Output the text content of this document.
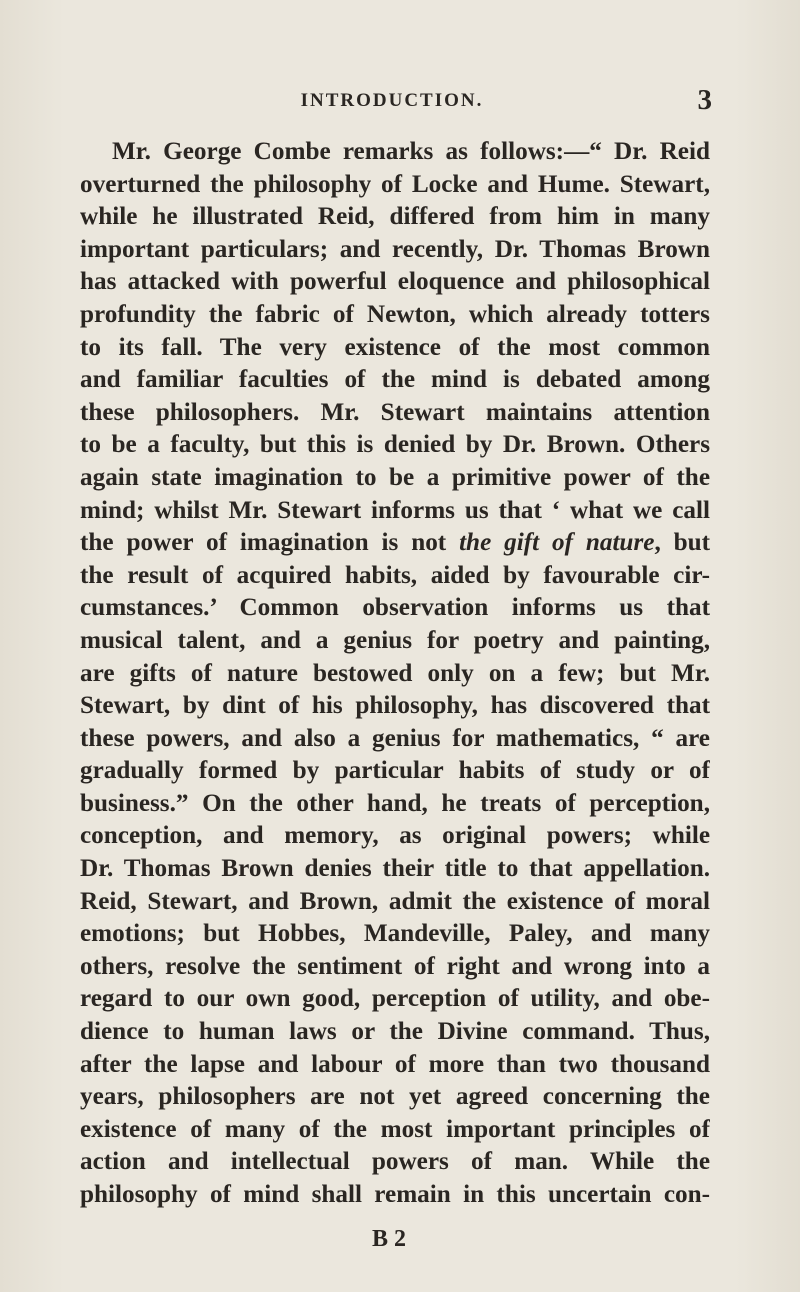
INTRODUCTION.	3
Mr. George Combe remarks as follows:—“ Dr. Reid
overturned the philosophy of Locke and Hume. Stewart,
while he illustrated Reid, differed from him in many
important particulars; and recently, Dr. Thomas Brown
has attacked with powerful eloquence and philosophical
profundity the fabric of Newton, which already totters
to its fall. The very existence of the most common
and familiar faculties of the mind is debated among
these philosophers. Mr. Stewart maintains attention
to be a faculty, but this is denied by Dr. Brown. Others
again state imagination to be a primitive power of the
mind; whilst Mr. Stewart informs us that ‘ what we call
the power of imagination is not the gift of nature, but
the result of acquired habits, aided by favourable cir-
cumstances.’ Common observation informs us that
musical talent, and a genius for poetry and painting,
are gifts of nature bestowed only on a few; but Mr.
Stewart, by dint of his philosophy, has discovered that
these powers, and also a genius for mathematics, “ are
gradually formed by particular habits of study or of
business.” On the other hand, he treats of perception,
conception, and memory, as original powers; while
Dr. Thomas Brown denies their title to that appellation.
Reid, Stewart, and Brown, admit the existence of moral
emotions; but Hobbes, Mandeville, Paley, and many
others, resolve the sentiment of right and wrong into a
regard to our own good, perception of utility, and obe-
dience to human laws or the Divine command. Thus,
after the lapse and labour of more than two thousand
years, philosophers are not yet agreed concerning the
existence of many of the most important principles of
action and intellectual powers of man. While the
philosophy of mind shall remain in this uncertain con-
B 2
